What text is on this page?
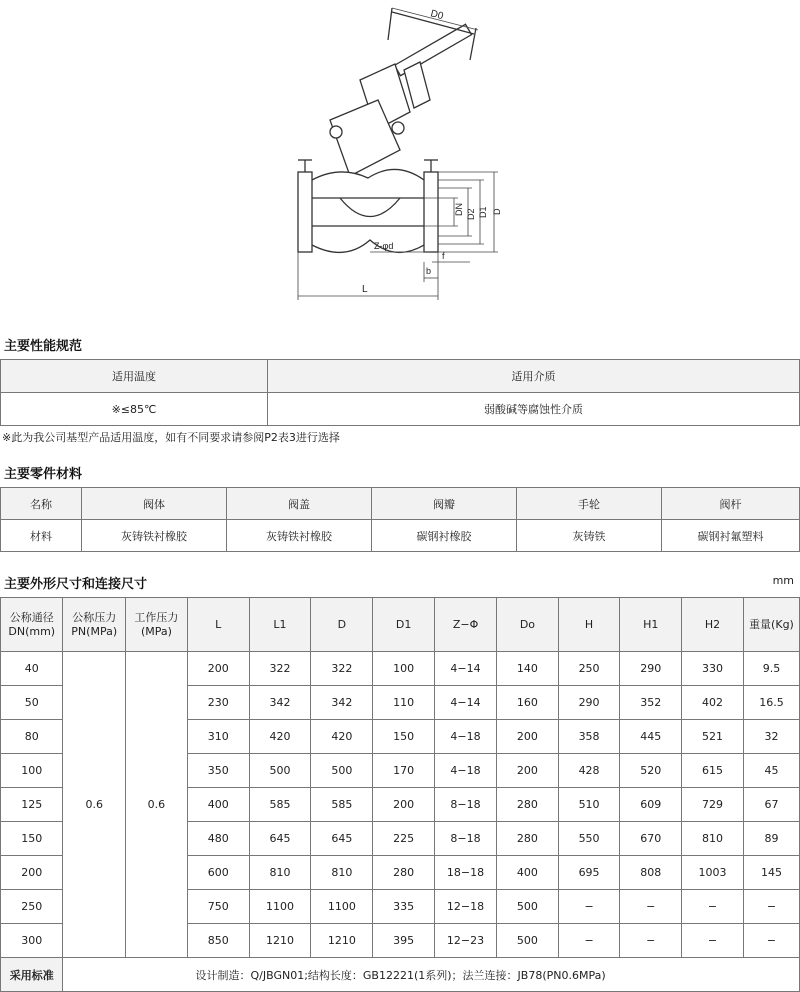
D0
DN D2 D1 D
Z-φd
b
f
L
主要性能规范
适用温度	适用介质
※≤85℃	弱酸碱等腐蚀性介质
※此为我公司基型产品适用温度，如有不同要求请参阅P2表3进行选择
主要零件材料
名称	阀体	阀盖	阀瓣	手轮	阀杆
材料	灰铸铁衬橡胶	灰铸铁衬橡胶	碳钢衬橡胶	灰铸铁	碳钢衬氟塑料
主要外形尺寸和连接尺寸	mm
公称通径 DN(mm)	公称压力 PN(MPa)	工作压力 (MPa)	L	L1	D	D1	Z−Φ	Do	H	H1	H2	重量(Kg)
40	0.6	0.6	200	322	322	100	4−14	140	250	290	330	9.5
50			230	342	342	110	4−14	160	290	352	402	16.5
80			310	420	420	150	4−18	200	358	445	521	32
100			350	500	500	170	4−18	200	428	520	615	45
125			400	585	585	200	8−18	280	510	609	729	67
150			480	645	645	225	8−18	280	550	670	810	89
200			600	810	810	280	18−18	400	695	808	1003	145
250			750	1100	1100	335	12−18	500	−	−	−	−
300			850	1210	1210	395	12−23	500	−	−	−	−
采用标准	设计制造：Q/JBGN01;结构长度：GB12221(1系列)；法兰连接：JB78(PN0.6MPa)											
